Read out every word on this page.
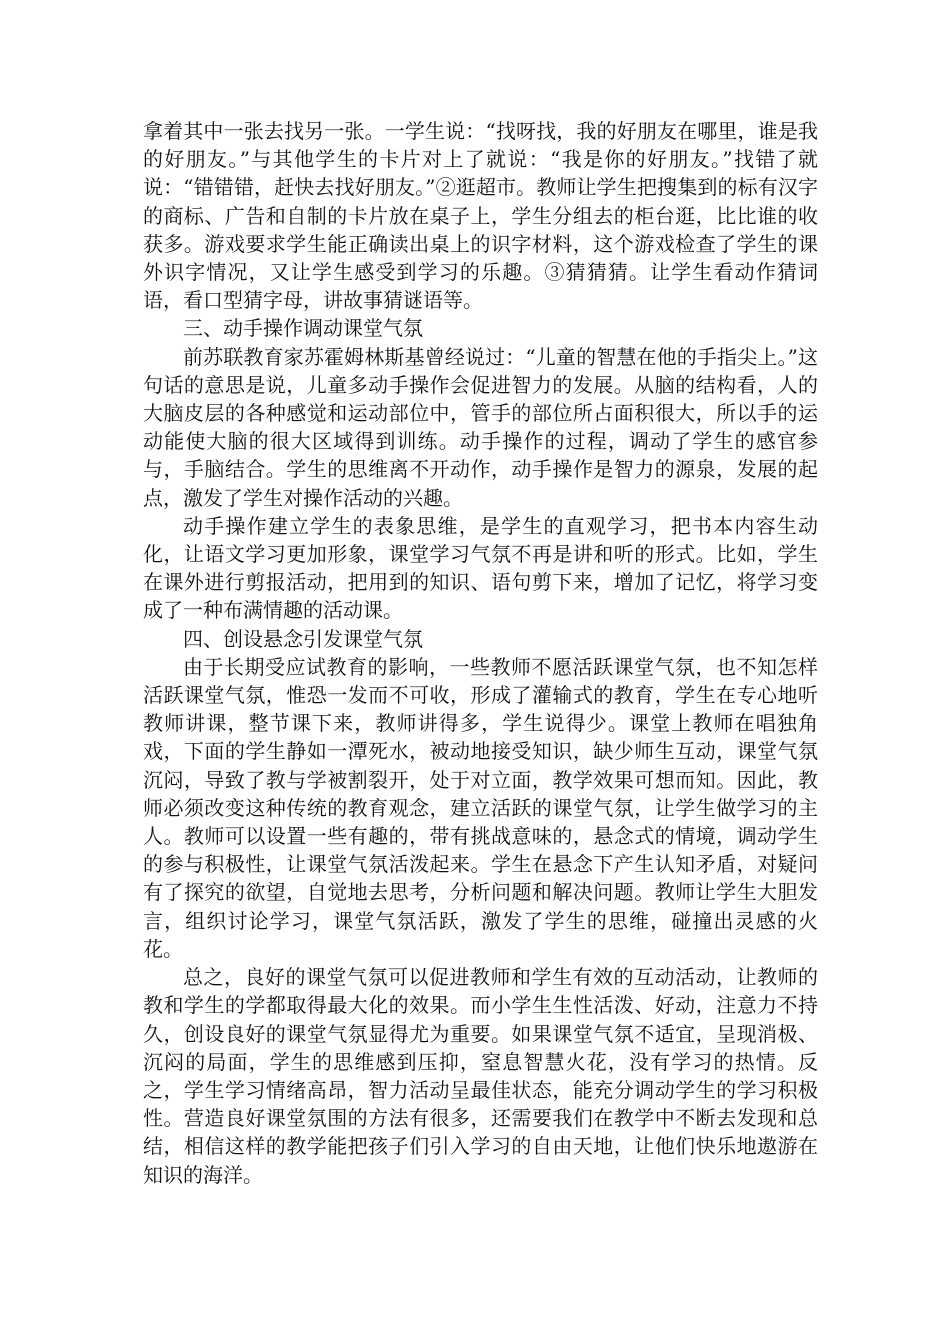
拿着其中一张去找另一张。一学生说：“找呀找，我的好朋友在哪里，谁是我的好朋友。”与其他学生的卡片对上了就说：“我是你的好朋友。”找错了就说：“错错错，赶快去找好朋友。”②逛超市。教师让学生把搜集到的标有汉字的商标、广告和自制的卡片放在桌子上，学生分组去的柜台逛，比比谁的收获多。游戏要求学生能正确读出桌上的识字材料，这个游戏检查了学生的课外识字情况，又让学生感受到学习的乐趣。③猜猜猜。让学生看动作猜词语，看口型猜字母，讲故事猜谜语等。

三、动手操作调动课堂气氛

前苏联教育家苏霍姆林斯基曾经说过：“儿童的智慧在他的手指尖上。”这句话的意思是说，儿童多动手操作会促进智力的发展。从脑的结构看，人的大脑皮层的各种感觉和运动部位中，管手的部位所占面积很大，所以手的运动能使大脑的很大区域得到训练。动手操作的过程，调动了学生的感官参与，手脑结合。学生的思维离不开动作，动手操作是智力的源泉，发展的起点，激发了学生对操作活动的兴趣。

动手操作建立学生的表象思维，是学生的直观学习，把书本内容生动化，让语文学习更加形象，课堂学习气氛不再是讲和听的形式。比如，学生在课外进行剪报活动，把用到的知识、语句剪下来，增加了记忆，将学习变成了一种布满情趣的活动课。

四、创设悬念引发课堂气氛

由于长期受应试教育的影响，一些教师不愿活跃课堂气氛，也不知怎样活跃课堂气氛，惟恐一发而不可收，形成了灌输式的教育，学生在专心地听教师讲课，整节课下来，教师讲得多，学生说得少。课堂上教师在唱独角戏，下面的学生静如一潭死水，被动地接受知识，缺少师生互动，课堂气氛沉闷，导致了教与学被割裂开，处于对立面，教学效果可想而知。因此，教师必须改变这种传统的教育观念，建立活跃的课堂气氛，让学生做学习的主人。教师可以设置一些有趣的，带有挑战意味的，悬念式的情境，调动学生的参与积极性，让课堂气氛活泼起来。学生在悬念下产生认知矛盾，对疑问有了探究的欲望，自觉地去思考，分析问题和解决问题。教师让学生大胆发言，组织讨论学习，课堂气氛活跃，激发了学生的思维，碰撞出灵感的火花。

总之，良好的课堂气氛可以促进教师和学生有效的互动活动，让教师的教和学生的学都取得最大化的效果。而小学生生性活泼、好动，注意力不持久，创设良好的课堂气氛显得尤为重要。如果课堂气氛不适宜，呈现消极、沉闷的局面，学生的思维感到压抑，窒息智慧火花，没有学习的热情。反之，学生学习情绪高昂，智力活动呈最佳状态，能充分调动学生的学习积极性。营造良好课堂氛围的方法有很多，还需要我们在教学中不断去发现和总结，相信这样的教学能把孩子们引入学习的自由天地，让他们快乐地遨游在知识的海洋。
